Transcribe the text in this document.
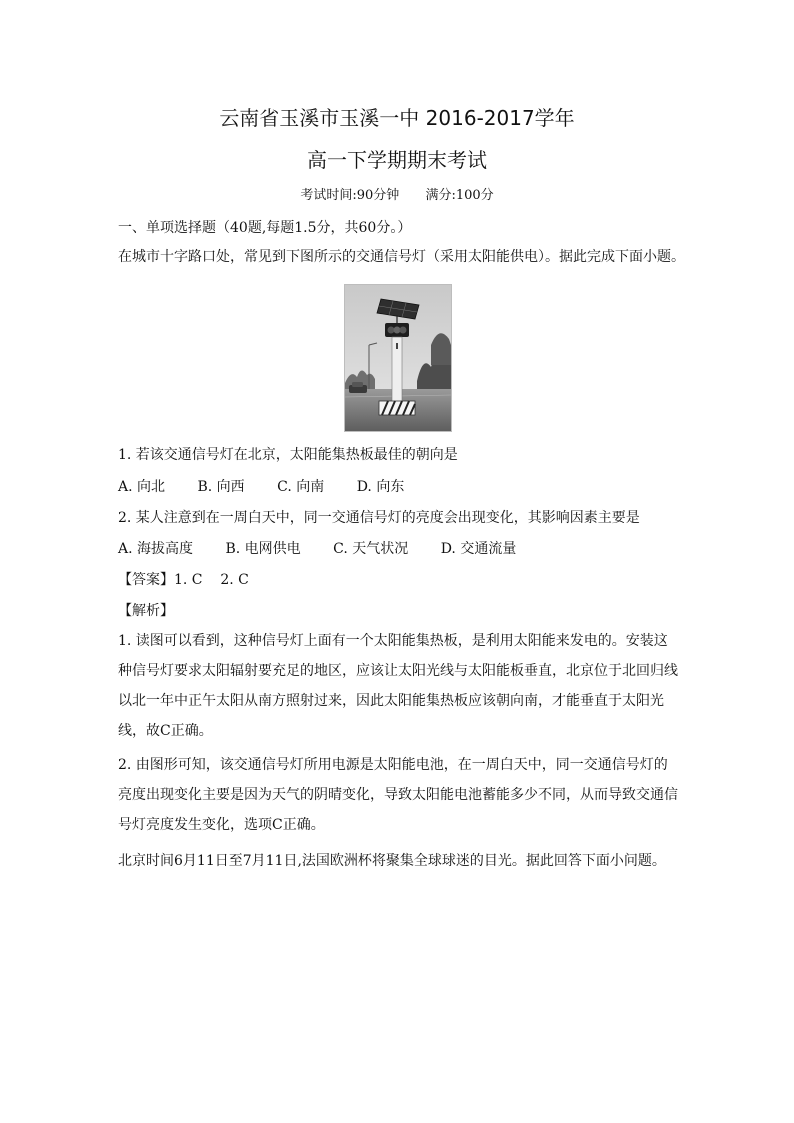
云南省玉溪市玉溪一中 2016-2017学年
高一下学期期末考试
考试时间:90分钟 满分:100分
一、单项选择题（40题,每题1.5分，共60分。）
在城市十字路口处，常见到下图所示的交通信号灯（采用太阳能供电）。据此完成下面小题。
1. 若该交通信号灯在北京，太阳能集热板最佳的朝向是
A. 向北 B. 向西 C. 向南 D. 向东
2. 某人注意到在一周白天中，同一交通信号灯的亮度会出现变化，其影响因素主要是
A. 海拔高度 B. 电网供电 C. 天气状况 D. 交通流量
【答案】1. C    2. C
【解析】
1. 读图可以看到，这种信号灯上面有一个太阳能集热板，是利用太阳能来发电的。安装这种信号灯要求太阳辐射要充足的地区，应该让太阳光线与太阳能板垂直，北京位于北回归线以北一年中正午太阳从南方照射过来，因此太阳能集热板应该朝向南，才能垂直于太阳光线，故C正确。
2. 由图形可知，该交通信号灯所用电源是太阳能电池，在一周白天中，同一交通信号灯的亮度出现变化主要是因为天气的阴晴变化，导致太阳能电池蓄能多少不同，从而导致交通信号灯亮度发生变化，选项C正确。
北京时间6月11日至7月11日,法国欧洲杯将聚集全球球迷的目光。据此回答下面小问题。
